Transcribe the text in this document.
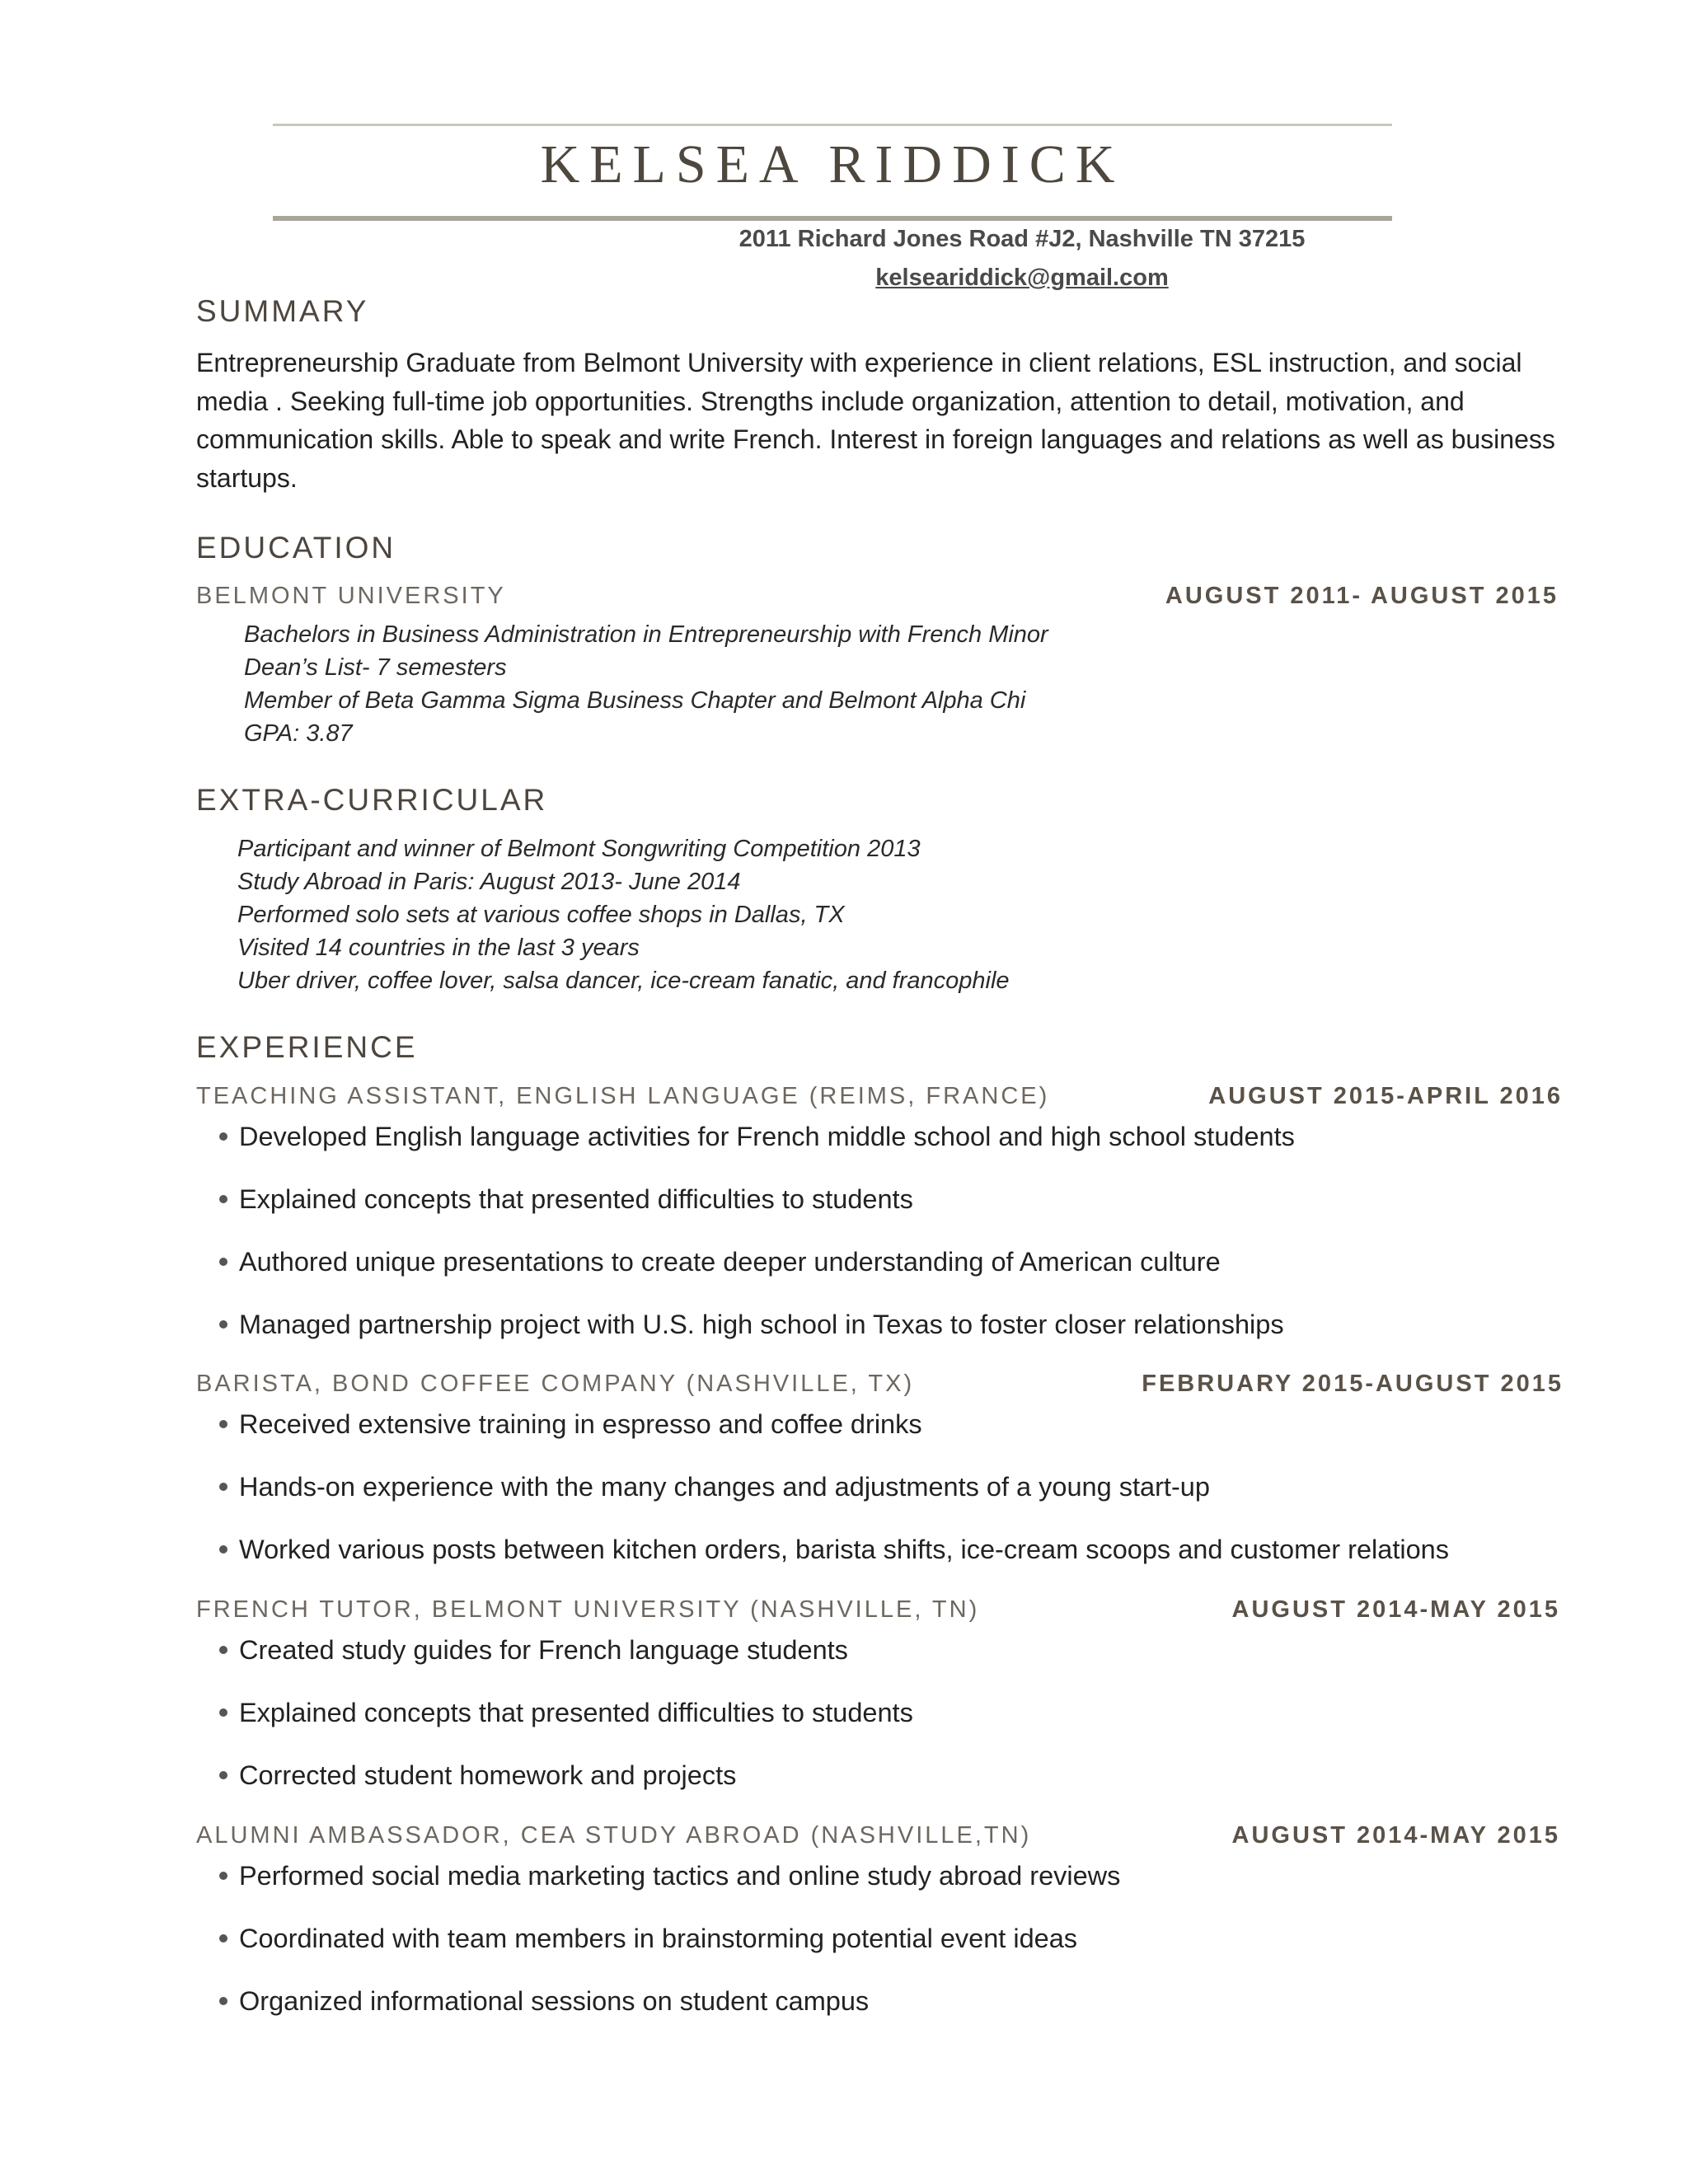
KELSEA RIDDICK
2011 Richard Jones Road #J2, Nashville TN 37215
kelseariddick@gmail.com
SUMMARY
Entrepreneurship Graduate from Belmont University with experience in client relations, ESL instruction, and social media . Seeking full-time job opportunities. Strengths include organization, attention to detail, motivation, and communication skills. Able to speak and write French. Interest in foreign languages and relations as well as business startups.
EDUCATION
BELMONT UNIVERSITY	AUGUST 2011- AUGUST 2015
Bachelors in Business Administration in Entrepreneurship with French Minor
Dean’s List- 7 semesters
Member of Beta Gamma Sigma Business Chapter and Belmont Alpha Chi
GPA: 3.87
EXTRA-CURRICULAR
Participant and winner of Belmont Songwriting Competition 2013
Study Abroad in Paris: August 2013- June 2014
Performed solo sets at various coffee shops in Dallas, TX
Visited 14 countries in the last 3 years
Uber driver, coffee lover, salsa dancer, ice-cream fanatic, and francophile
EXPERIENCE
TEACHING ASSISTANT, ENGLISH LANGUAGE (REIMS, FRANCE)	AUGUST 2015-APRIL 2016
Developed English language activities for French middle school and high school students
Explained concepts that presented difficulties to students
Authored unique presentations to create deeper understanding of American culture
Managed partnership project with U.S. high school in Texas to foster closer relationships
BARISTA, BOND COFFEE COMPANY (NASHVILLE, TX)	FEBRUARY 2015-AUGUST 2015
Received extensive training in espresso and coffee drinks
Hands-on experience with the many changes and adjustments of a young start-up
Worked various posts between kitchen orders, barista shifts, ice-cream scoops and customer relations
FRENCH TUTOR, BELMONT UNIVERSITY (NASHVILLE, TN)	AUGUST 2014-MAY 2015
Created study guides for French language students
Explained concepts that presented difficulties to students
Corrected student homework and projects
ALUMNI AMBASSADOR, CEA STUDY ABROAD (NASHVILLE,TN)	AUGUST 2014-MAY 2015
Performed social media marketing tactics and online study abroad reviews
Coordinated with team members in brainstorming potential event ideas
Organized informational sessions on student campus
